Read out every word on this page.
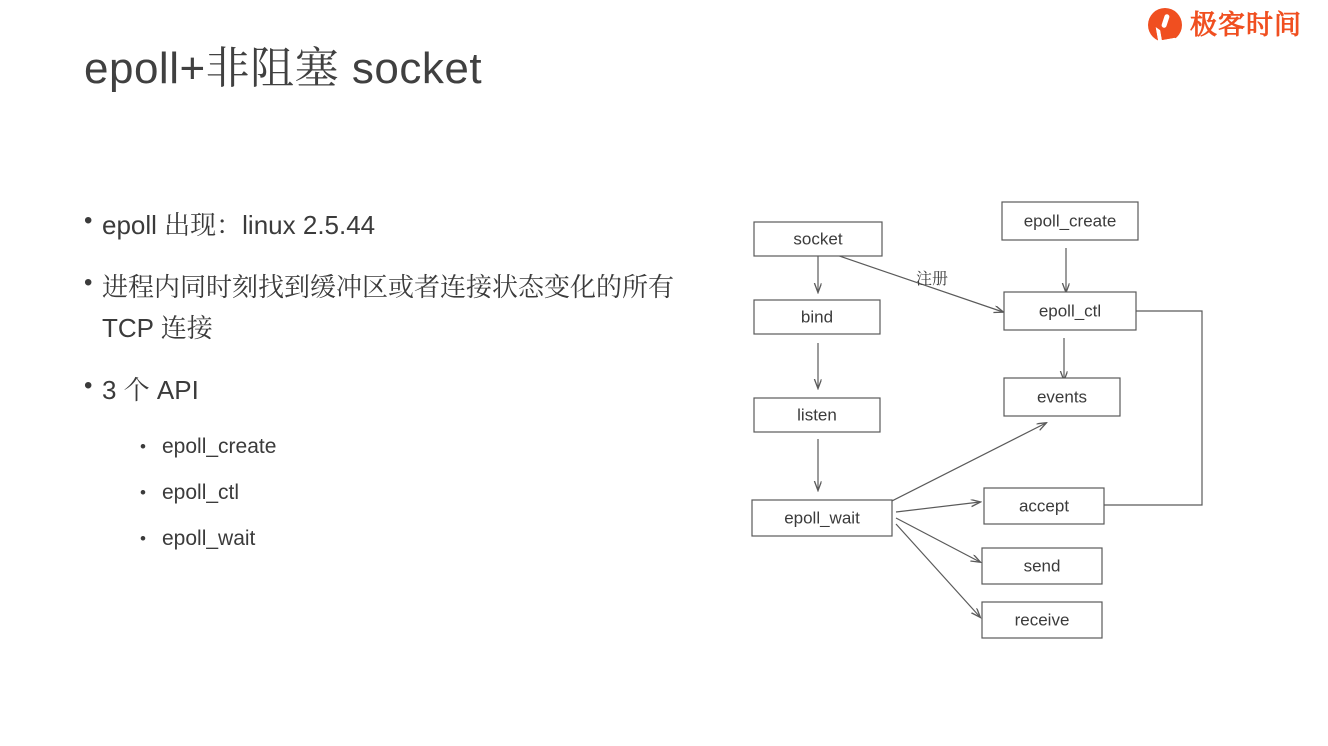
极客时间
epoll+非阻塞 socket
• epoll 出现：linux 2.5.44
• 进程内同时刻找到缓冲区或者连接状态变化的所有 TCP 连接
• 3 个 API
• epoll_create
• epoll_ctl
• epoll_wait
注册
socket
bind
listen
epoll_wait
epoll_create
epoll_ctl
events
accept
send
receive
